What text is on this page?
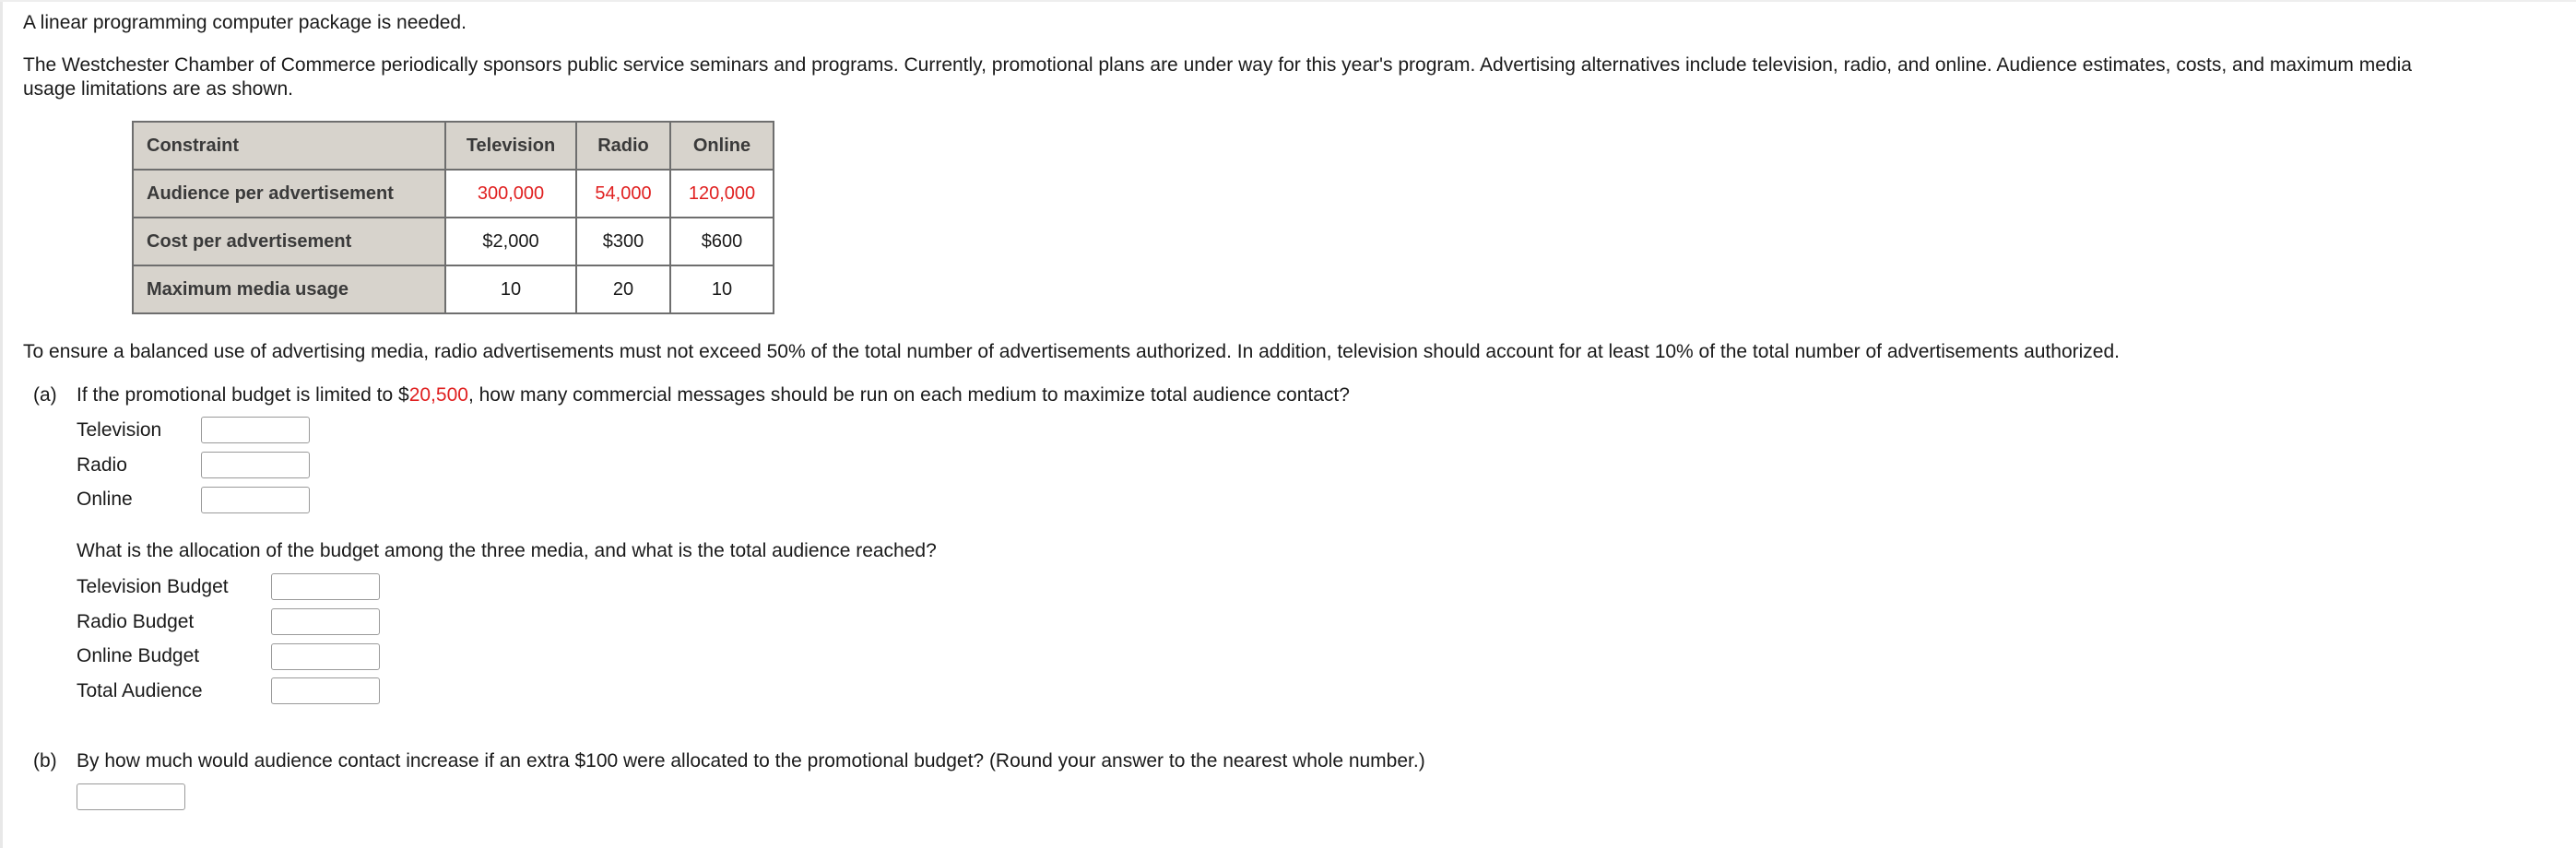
A linear programming computer package is needed.
The Westchester Chamber of Commerce periodically sponsors public service seminars and programs. Currently, promotional plans are under way for this year's program. Advertising alternatives include television, radio, and online. Audience estimates, costs, and maximum media
usage limitations are as shown.
Constraint	Television	Radio	Online
Audience per advertisement	300,000	54,000	120,000
Cost per advertisement	$2,000	$300	$600
Maximum media usage	10	20	10
To ensure a balanced use of advertising media, radio advertisements must not exceed 50% of the total number of advertisements authorized. In addition, television should account for at least 10% of the total number of advertisements authorized.
(a) If the promotional budget is limited to $20,500, how many commercial messages should be run on each medium to maximize total audience contact?
Television
Radio
Online
What is the allocation of the budget among the three media, and what is the total audience reached?
Television Budget
Radio Budget
Online Budget
Total Audience
(b) By how much would audience contact increase if an extra $100 were allocated to the promotional budget? (Round your answer to the nearest whole number.)
